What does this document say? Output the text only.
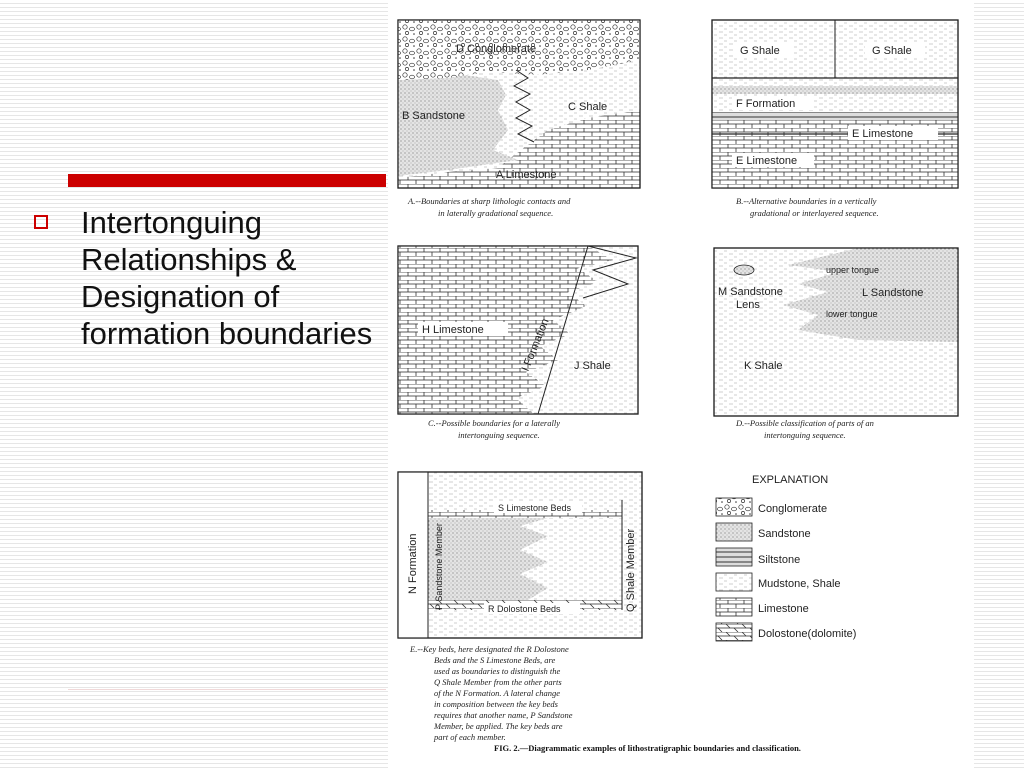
Intertonguing Relationships & Designation of formation boundaries
D Conglomerate
B Sandstone
C Shale
A Limestone
A.--Boundaries at sharp lithologic contacts and
in laterally gradational sequence.
G Shale	G Shale
F Formation
E Limestone
E Limestone
B.--Alternative boundaries in a vertically
gradational or interlayered sequence.
H Limestone	I Formation J Shale
C.--Possible boundaries for a laterally
intertonguing sequence.
upper tongue
M Sandstone
Lens
L Sandstone
lower tongue
K Shale
D.--Possible classification of parts of an
intertonguing sequence.
N Formation P Sandstone Member	Q Shale Member
S Limestone Beds
R Dolostone Beds
E.--Key beds, here designated the R Dolostone
Beds and the S Limestone Beds, are
used as boundaries to distinguish the
Q Shale Member from the other parts
of the N Formation. A lateral change
in composition between the key beds
requires that another name, P Sandstone
Member, be applied. The key beds are
part of each member.
EXPLANATION
Conglomerate
Sandstone
Siltstone
Mudstone, Shale
Limestone
Dolostone(dolomite)
FIG. 2.—Diagrammatic examples of lithostratigraphic boundaries and classification.
